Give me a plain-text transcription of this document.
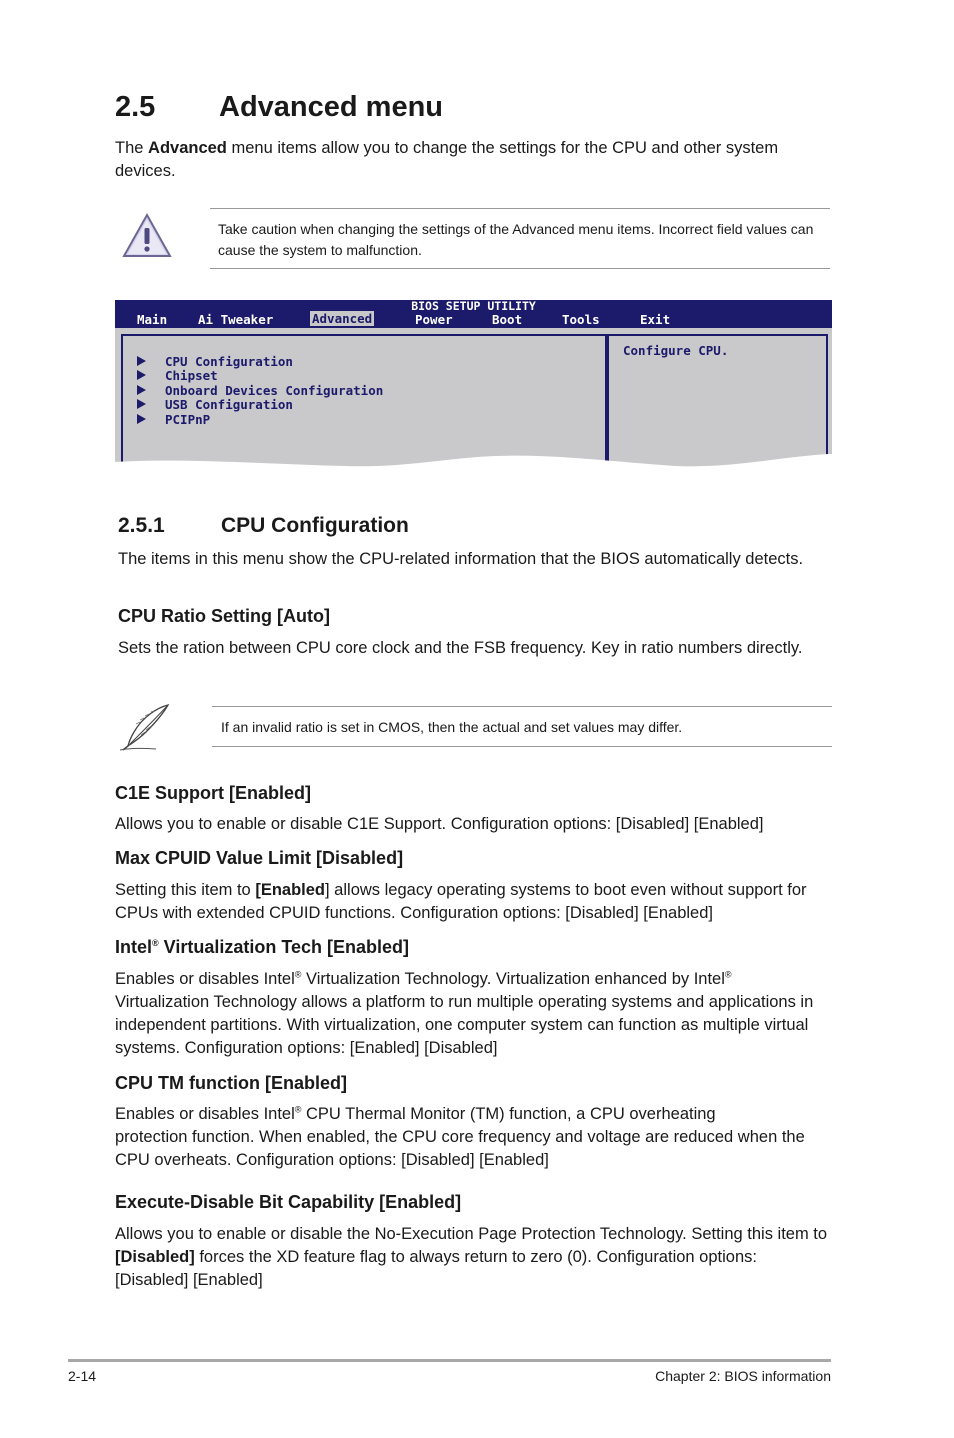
2.5 Advanced menu
The Advanced menu items allow you to change the settings for the CPU and other system devices.
Take caution when changing the settings of the Advanced menu items. Incorrect field values can cause the system to malfunction.
BIOS SETUP UTILITY
Main Ai Tweaker	Advanced	Power	Boot	Tools	Exit
CPU Configuration
Chipset
Onboard Devices Configuration
USB Configuration
PCIPnP
Configure CPU.
2.5.1	CPU Configuration
The items in this menu show the CPU-related information that the BIOS automatically detects.
CPU Ratio Setting [Auto]
Sets the ration between CPU core clock and the FSB frequency. Key in ratio numbers directly.
If an invalid ratio is set in CMOS, then the actual and set values may differ.
C1E Support [Enabled]
Allows you to enable or disable C1E Support. Configuration options: [Disabled] [Enabled]
Max CPUID Value Limit [Disabled]
Setting this item to [Enabled] allows legacy operating systems to boot even without support for CPUs with extended CPUID functions. Configuration options: [Disabled] [Enabled]
Intel® Virtualization Tech [Enabled]
Enables or disables Intel® Virtualization Technology. Virtualization enhanced by Intel®
Virtualization Technology allows a platform to run multiple operating systems and applications in independent partitions. With virtualization, one computer system can function as multiple virtual systems. Configuration options: [Enabled] [Disabled]
CPU TM function [Enabled]
Enables or disables Intel® CPU Thermal Monitor (TM) function, a CPU overheating
protection function. When enabled, the CPU core frequency and voltage are reduced when the CPU overheats. Configuration options: [Disabled] [Enabled]
Execute-Disable Bit Capability [Enabled]
Allows you to enable or disable the No-Execution Page Protection Technology. Setting this item to [Disabled] forces the XD feature flag to always return to zero (0). Configuration options: [Disabled] [Enabled]
2-14	Chapter 2: BIOS information
